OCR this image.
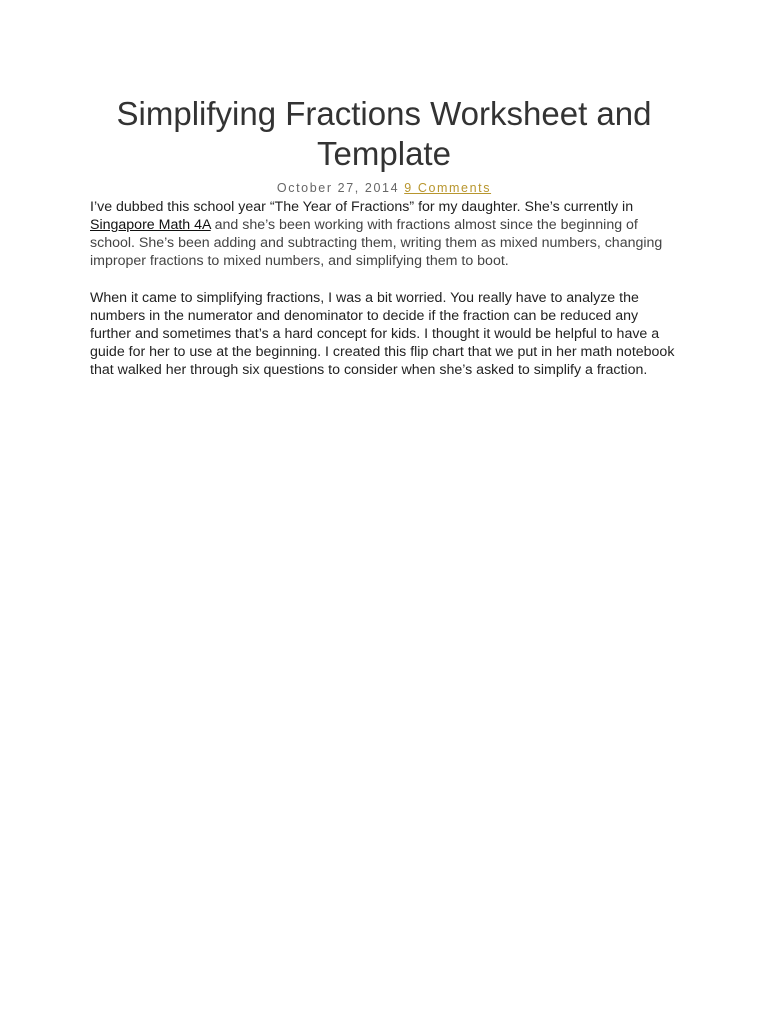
Simplifying Fractions Worksheet and Template
October 27, 2014 9 Comments

I’ve dubbed this school year “The Year of Fractions” for my daughter. She’s currently in Singapore Math 4A and she’s been working with fractions almost since the beginning of school. She’s been adding and subtracting them, writing them as mixed numbers, changing improper fractions to mixed numbers, and simplifying them to boot.

When it came to simplifying fractions, I was a bit worried. You really have to analyze the numbers in the numerator and denominator to decide if the fraction can be reduced any further and sometimes that’s a hard concept for kids. I thought it would be helpful to have a guide for her to use at the beginning. I created this flip chart that we put in her math notebook that walked her through six questions to consider when she’s asked to simplify a fraction.
